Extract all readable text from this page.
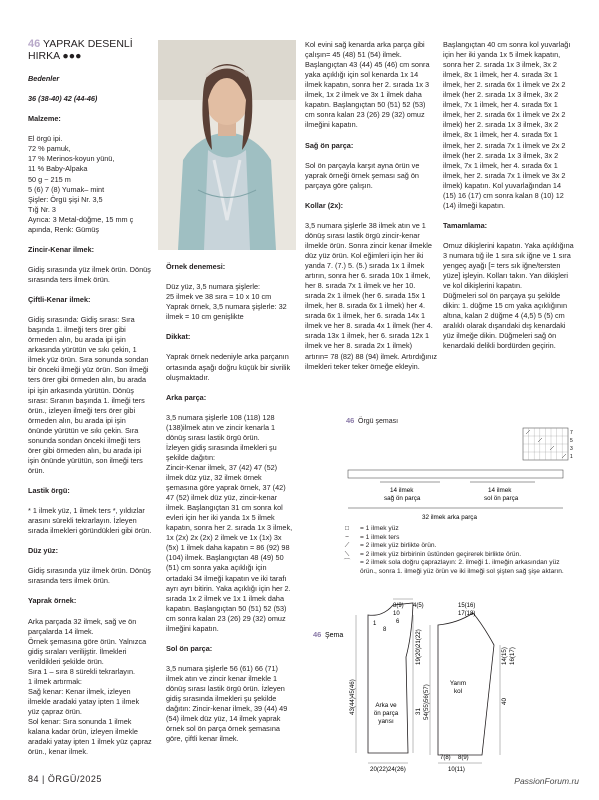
46 YAPRAK DESENLİ
HIRKA ●●●

Bedenler

36 (38-40) 42 (44-46)

Malzeme:

El örgü ipi.
72 % pamuk,
17 % Merinos-koyun yünü,
11 % Baby-Alpaka
50 g ~ 215 m
5 (6) 7 (8) Yumak– mint
Şişler: Örgü şişi Nr. 3,5
Tığ Nr. 3
Ayrıca: 3 Metal-düğme, 15 mm ç apında, Renk: Gümüş

Zincir-Kenar ilmek:

Gidiş sırasında yüz ilmek örün. Dönüş sırasında ters ilmek örün.

Çiftli-Kenar ilmek:

Gidiş sırasında: Gidiş sırası: Sıra başında 1. ilmeği ters örer gibi örmeden alın, bu arada ipi işin arkasında yürütün ve sıkı çekin, 1 ilmek yüz örün. Sıra sonunda sondan bir önceki ilmeği yüz örün. Son ilmeği ters örer gibi örmeden alın, bu arada ipi işin arkasında yürütün. Dönüş sırası: Sıranın başında 1. ilmeği ters örün., izleyen ilmeği ters örer gibi örmeden alın, bu arada ipi işin önünde yürütün ve sıkı çekin. Sıra sonunda sondan önceki ilmeği ters örer gibi örmeden alın, bu arada ipi işin önünde yürütün, son ilmeği ters örün.

Lastik örgü:

* 1 ilmek yüz, 1 ilmek ters *, yıldızlar arasını sürekli tekrarlayın. İzleyen sırada ilmekleri göründükleri gibi örün.

Düz yüz:

Gidiş sırasında yüz ilmek örün. Dönüş sırasında ters ilmek örün.

Yaprak örnek:

Arka parçada 32 ilmek, sağ ve ön parçalarda 14 ilmek.
Örnek şemasına göre örün. Yalnızca gidiş sıraları verilijştir. İlmekleri verildikleri şekilde örün.
Sıra 1 – sıra 8 sürekli tekrarlayın.
1 ilmek artırmak:
Sağ kenar: Kenar ilmek, izleyen ilmekle aradaki yatay ipten 1 ilmek yüz çapraz örün.
Sol kenar: Sıra sonunda 1 ilmek kalana kadar örün, izleyen ilmekle aradaki yatay ipten 1 ilmek yüz çapraz örün., kenar ilmek.

Örnek denemesi:

Düz yüz, 3,5 numara şişlerle:
25 ilmek ve 38 sıra = 10 x 10 cm
Yaprak örnek, 3,5 numara şişlerle: 32 ilmek = 10 cm genişlikte

Dikkat:

Yaprak örnek nedeniyle arka parçanın ortasında aşağı doğru küçük bir sivrilik oluşmaktadır.

Arka parça:

3,5 numara şişlerle 108 (118) 128 (138)ilmek atın ve zincir kenarla 1 dönüş sırası lastik örgü örün.
İzleyen gidiş sırasında ilmekleri şu şekilde dağıtın:
Zincir-Kenar ilmek, 37 (42) 47 (52) ilmek düz yüz, 32 ilmek örnek şemasına göre yaprak örnek, 37 (42) 47 (52) ilmek düz yüz, zincir-kenar ilmek. Başlangıçtan 31 cm sonra kol evleri için her iki yanda 1x 5 ilmek kapatın, sonra her 2. sırada 1x 3 ilmek, 1x (2x) 2x (2x) 2 ilmek ve 1x (1x) 3x (5x) 1 ilmek daha kapatın = 86 (92) 98 (104) ilmek. Başlangıçtan 48 (49) 50 (51) cm sonra yaka açıklığı için ortadaki 34 ilmeği kapatın ve iki tarafı ayrı ayrı bitirin. Yaka açıklığı için her 2. sırada 1x 2 ilmek ve 1x 1 ilmek daha kapatın. Başlangıçtan 50 (51) 52 (53) cm sonra kalan 23 (26) 29 (32) omuz ilmeğini kapatın.

Sol ön parça:

3,5 numara şişlerle 56 (61) 66 (71) ilmek atın ve zincir kenar ilmekle 1 dönüş sırası lastik örgü örün. İzleyen gidiş sırasında ilmekleri şu şekilde dağıtın: Zincir-kenar ilmek, 39 (44) 49 (54) ilmek düz yüz, 14 ilmek yaprak örnek sol ön parça örnek şemasına göre, çiftli kenar ilmek.

Kol evini sağ kenarda arka parça gibi çalışın= 45 (48) 51 (54) ilmek. Başlangıçtan 43 (44) 45 (46) cm sonra yaka açıklığı için sol kenarda 1x 14 ilmek kapatın, sonra her 2. sırada 1x 3 ilmek, 1x 2 ilmek ve 3x 1 ilmek daha kapatın. Başlangıçtan 50 (51) 52 (53) cm sonra kalan 23 (26) 29 (32) omuz ilmeğini kapatın.

Sağ ön parça:

Sol ön parçayla karşıt ayna örün ve yaprak örneği örnek şeması sağ ön parçaya göre çalışın.

Kollar (2x):

3,5 numara şişlerle 38 ilmek atın ve 1 dönüş sırası lastik örgü zincir-kenar ilmekle örün. Sonra zincir kenar ilmekle düz yüz örün. Kol eğimleri için her iki yanda 7. (7.) 5. (5.) sırada 1x 1 ilmek artırın, sonra her 6. sırada 10x 1 ilmek, her 8. sırada 7x 1 ilmek ve her 10. sırada 2x 1 ilmek (her 6. sırada 15x 1 ilmek, her 8. sırada 6x 1 ilmek) her 4. sırada 6x 1 ilmek, her 6. sırada 14x 1 ilmek ve her 8. sırada 4x 1 ilmek (her 4. sırada 13x 1 ilmek, her 6. sırada 12x 1 ilmek ve her 8. sırada 2x 1 ilmek) artırın= 78 (82) 88 (94) ilmek. Artırdığınız ilmekleri teker teker örneğe ekleyin.

Başlangıçtan 40 cm sonra kol yuvarlağı için her iki yanda 1x 5 ilmek kapatın, sonra her 2. sırada 1x 3 ilmek, 3x 2 ilmek, 8x 1 ilmek, her 4. sırada 3x 1 ilmek, her 2. sırada 6x 1 ilmek ve 2x 2 ilmek (her 2. sırada 1x 3 ilmek, 3x 2 ilmek, 7x 1 ilmek, her 4. sırada 5x 1 ilmek, her 2. sırada 6x 1 ilmek ve 2x 2 ilmek) her 2. sırada 1x 3 ilmek, 3x 2 ilmek, 8x 1 ilmek, her 4. sırada 5x 1 ilmek, her 2. sırada 7x 1 ilmek ve 2x 2 ilmek (her 2. sırada 1x 3 ilmek, 3x 2 ilmek, 7x 1 ilmek, her 4. sırada 6x 1 ilmek, her 2. sırada 7x 1 ilmek ve 3x 2 ilmek) kapatın. Kol yuvarlağından 14 (15) 16 (17) cm sonra kalan 8 (10) 12 (14) ilmeği kapatın.

Tamamlama:

Omuz dikişlerini kapatın. Yaka açıklığına 3 numara tığ ile 1 sıra sık iğne ve 1 sıra yengeç ayağı [= ters sık iğne/tersten yüze] işleyin. Kolları takın. Yan dikişleri ve kol dikişlerini kapatın.
Düğmeleri sol ön parçaya şu şekilde dikin: 1. düğme 15 cm yaka açıklığının altına, kalan 2 düğme 4 (4,5) 5 (5) cm aralıklı olarak dışarıdaki dış kenardaki yüz ilmeğe dikin. Düğmeleri sağ ön kenardaki delikli bordürden geçirin.

46 Örgü şeması
7
5
3
1
14 ilmek
sağ ön parça
14 ilmek
sol ön parça
32 ilmek arka parça
□	= 1 ilmek yüz
−	= 1 ilmek ters
⟋	= 2 ilmek yüz birlikte örün.
⟍	= 2 ilmek yüz birbirinin üstünden geçirerek birlikte örün.
⌒	= 2 ilmek sola doğru çaprazlayın: 2. ilmeği 1. ilmeğin arkasından yüz örün., sonra 1. ilmeği yüz örün ve iki ilmeği sol şişten sağ şişe aktarın.
46 Şema
20(22)24(26)
8(9)
10
4(5)
6
Arka ve
ön parça
yarısı
43(44)45(46)
19(20)21(22)
31
1
8
15(16)
17(18)
Yarım
kol
54(55)56(57)
14(15) 16(17)
40
7(8) 8(9)
10(11)
84 | ÖRGÜ/2025	PassionForum.ru
